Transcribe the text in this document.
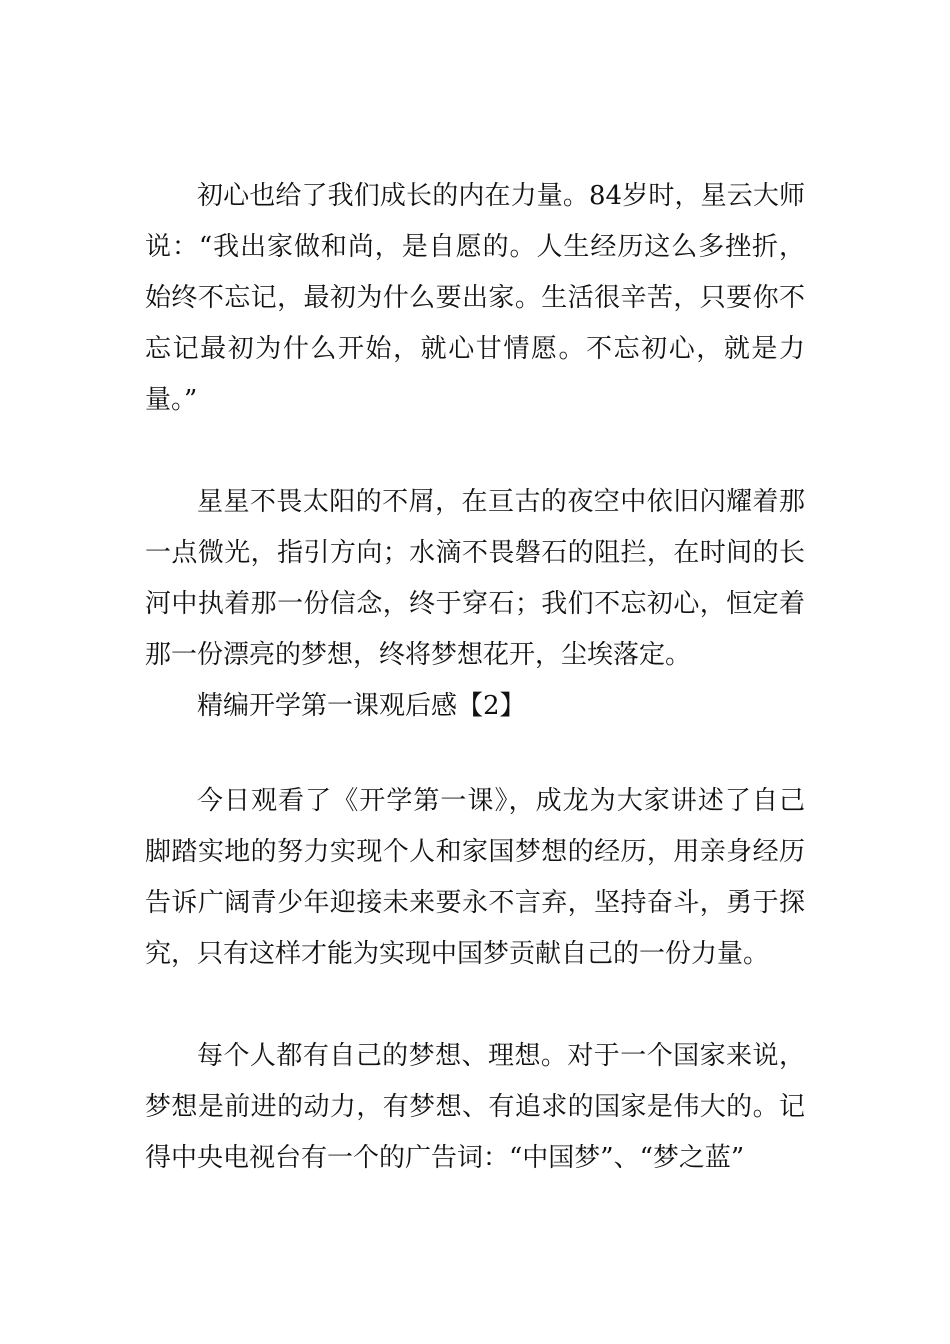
初心也给了我们成长的内在力量。84岁时，星云大师说：“我出家做和尚，是自愿的。人生经历这么多挫折，始终不忘记，最初为什么要出家。生活很辛苦，只要你不忘记最初为什么开始，就心甘情愿。不忘初心，就是力量。”

星星不畏太阳的不屑，在亘古的夜空中依旧闪耀着那一点微光，指引方向；水滴不畏磐石的阻拦，在时间的长河中执着那一份信念，终于穿石；我们不忘初心，恒定着那一份漂亮的梦想，终将梦想花开，尘埃落定。

精编开学第一课观后感【2】

今日观看了《开学第一课》，成龙为大家讲述了自己脚踏实地的努力实现个人和家国梦想的经历，用亲身经历告诉广阔青少年迎接未来要永不言弃，坚持奋斗，勇于探究，只有这样才能为实现中国梦贡献自己的一份力量。

每个人都有自己的梦想、理想。对于一个国家来说，梦想是前进的动力，有梦想、有追求的国家是伟大的。记得中央电视台有一个的广告词：“中国梦”、“梦之蓝”
